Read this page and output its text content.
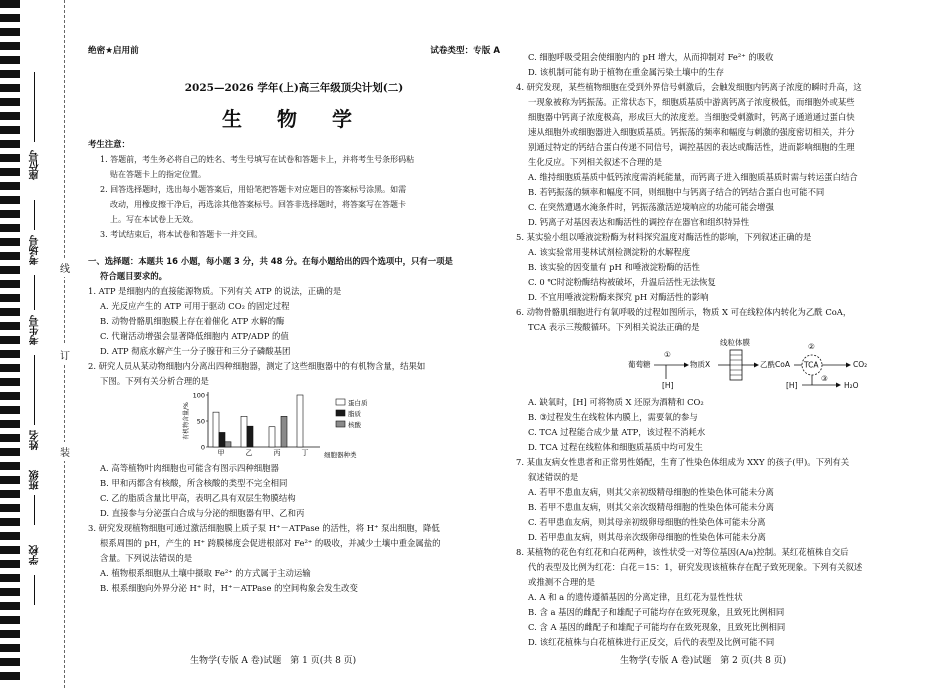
座位号
考场号
考生号
姓名
班级
学校
线
订
装
绝密★启用前	试卷类型：专版 A
2025—2026 学年(上)高三年级顶尖计划(二)
生 物 学
考生注意：
1. 答题前，考生务必将自己的姓名、考生号填写在试卷和答题卡上，并将考生号条形码粘
贴在答题卡上的指定位置。
2. 回答选择题时，选出每小题答案后，用铅笔把答题卡对应题目的答案标号涂黑。如需
改动，用橡皮擦干净后，再选涂其他答案标号。回答非选择题时，将答案写在答题卡
上。写在本试卷上无效。
3. 考试结束后，将本试卷和答题卡一并交回。
一、选择题：本题共 16 小题，每小题 3 分，共 48 分。在每小题给出的四个选项中，只有一项是
符合题目要求的。
1. ATP 是细胞内的直接能源物质。下列有关 ATP 的说法，正确的是
A. 光反应产生的 ATP 可用于驱动 CO₂ 的固定过程
B. 动物骨骼肌细胞膜上存在着催化 ATP 水解的酶
C. 代谢活动增强会显著降低细胞内 ATP/ADP 的值
D. ATP 彻底水解产生一分子腺苷和三分子磷酸基团
2. 研究人员从某动物细胞内分离出四种细胞器，测定了这些细胞器中的有机物含量，结果如
下图。下列有关分析合理的是
0
50
100
有机物含量/%
甲	乙	丙	丁 细胞器种类
蛋白质
脂质
核酸
A. 高等植物叶肉细胞也可能含有图示四种细胞器
B. 甲和丙都含有核酸，所含核酸的类型不完全相同
C. 乙的脂质含量比甲高，表明乙具有双层生物膜结构
D. 直接参与分泌蛋白合成与分泌的细胞器有甲、乙和丙
3. 研究发现植物细胞可通过激活细胞膜上质子泵 H⁺－ATPase 的活性，将 H⁺ 泵出细胞，降低
根系周围的 pH，产生的 H⁺ 跨膜梯度会促进根部对 Fe²⁺ 的吸收，并减少土壤中重金属盐的
含量。下列说法错误的是
A. 植物根系细胞从土壤中摄取 Fe²⁺ 的方式属于主动运输
B. 根系细胞向外界分泌 H⁺ 时，H⁺－ATPase 的空间构象会发生改变
C. 细胞呼吸受阻会使细胞内的 pH 增大，从而抑制对 Fe²⁺ 的吸收
D. 该机制可能有助于植物在重金属污染土壤中的生存
4. 研究发现，某些植物细胞在受到外界信号刺激后，会触发细胞内钙离子浓度的瞬时升高，这
一现象被称为钙振荡。正常状态下，细胞质基质中游离钙离子浓度极低，而细胞外或某些
细胞器中钙离子浓度极高，形成巨大的浓度差。当细胞受刺激时，钙离子通道通过蛋白快
速从细胞外或细胞器进入细胞质基质。钙振荡的频率和幅度与刺激的强度密切相关，并分
别通过特定的钙结合蛋白传递不同信号，调控基因的表达或酶活性，进而影响细胞的生理
生化反应。下列相关叙述不合理的是
A. 维持细胞质基质中低钙浓度需消耗能量，而钙离子进入细胞质基质时需与转运蛋白结合
B. 若钙振荡的频率和幅度不同，则细胞中与钙离子结合的钙结合蛋白也可能不同
C. 在突然遭遇水淹条件时，钙振荡激活逆境响应的功能可能会增强
D. 钙离子对基因表达和酶活性的调控存在器官和组织特异性
5. 某实验小组以唾液淀粉酶为材料探究温度对酶活性的影响，下列叙述正确的是
A. 该实验常用斐林试剂检测淀粉的水解程度
B. 该实验的因变量有 pH 和唾液淀粉酶的活性
C. 0 ℃时淀粉酶结构被破坏，升温后活性无法恢复
D. 不宜用唾液淀粉酶来探究 pH 对酶活性的影响
6. 动物骨骼肌细胞进行有氧呼吸的过程如图所示，物质 X 可在线粒体内转化为乙酰 CoA，
TCA 表示三羧酸循环。下列相关说法正确的是
葡萄糖
①
[H]
物质X
线粒体膜
乙酰CoA TCA
②
CO₂
[H]
③
H₂O
A. 缺氧时，[H] 可将物质 X 还原为酒精和 CO₂
B. ③过程发生在线粒体内膜上，需要氧的参与
C. TCA 过程能合成少量 ATP，该过程不消耗水
D. TCA 过程在线粒体和细胞质基质中均可发生
7. 某血友病女性患者和正常男性婚配，生育了性染色体组成为 XXY 的孩子(甲)。下列有关
叙述错误的是
A. 若甲不患血友病，则其父亲初级精母细胞的性染色体可能未分离
B. 若甲不患血友病，则其父亲次级精母细胞的性染色体可能未分离
C. 若甲患血友病，则其母亲初级卵母细胞的性染色体可能未分离
D. 若甲患血友病，则其母亲次级卵母细胞的性染色体可能未分离
8. 某植物的花色有红花和白花两种，该性状受一对等位基因(A/a)控制。某红花植株自交后
代的表型及比例为红花：白花＝15：1，研究发现该植株存在配子致死现象。下列有关叙述
或推测不合理的是
A. A 和 a 的遗传遵循基因的分离定律，且红花为显性性状
B. 含 a 基因的雌配子和雄配子可能均存在致死现象，且致死比例相同
C. 含 A 基因的雌配子和雄配子可能均存在致死现象，且致死比例相同
D. 该红花植株与白花植株进行正反交，后代的表型及比例可能不同
生物学(专版 A 卷)试题　第 1 页(共 8 页)	生物学(专版 A 卷)试题　第 2 页(共 8 页)
